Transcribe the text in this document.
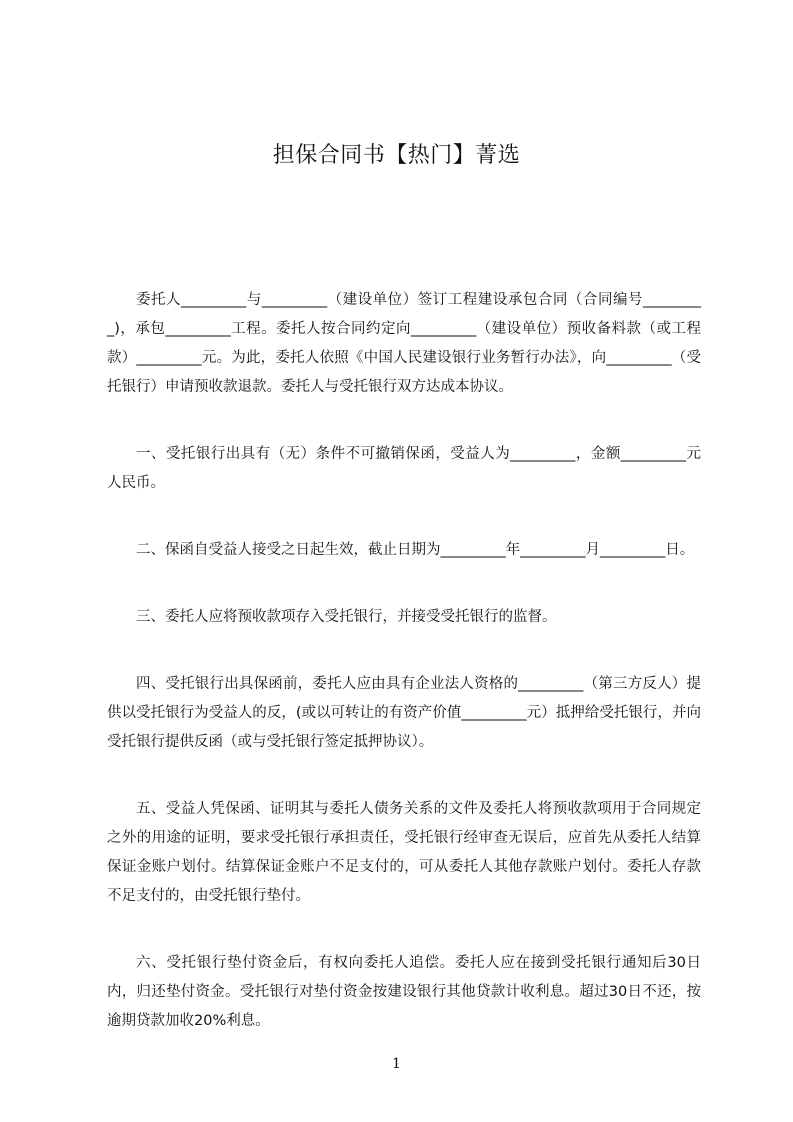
担保合同书【热门】菁选

委托人_________与_________（建设单位）签订工程建设承包合同（合同编号_________)，承包_________工程。委托人按合同约定向_________（建设单位）预收备料款（或工程款）_________元。为此，委托人依照《中国人民建设银行业务暂行办法》，向_________（受托银行）申请预收款退款。委托人与受托银行双方达成本协议。

一、受托银行出具有（无）条件不可撤销保函，受益人为_________，金额_________元人民币。

二、保函自受益人接受之日起生效，截止日期为_________年_________月_________日。

三、委托人应将预收款项存入受托银行，并接受受托银行的监督。

四、受托银行出具保函前，委托人应由具有企业法人资格的_________（第三方反人）提供以受托银行为受益人的反，(或以可转让的有资产价值_________元）抵押给受托银行，并向受托银行提供反函（或与受托银行签定抵押协议）。

五、受益人凭保函、证明其与委托人债务关系的文件及委托人将预收款项用于合同规定之外的用途的证明，要求受托银行承担责任，受托银行经审查无误后，应首先从委托人结算保证金账户划付。结算保证金账户不足支付的，可从委托人其他存款账户划付。委托人存款不足支付的，由受托银行垫付。

六、受托银行垫付资金后，有权向委托人追偿。委托人应在接到受托银行通知后30日内，归还垫付资金。受托银行对垫付资金按建设银行其他贷款计收利息。超过30日不还，按逾期贷款加收20%利息。

1
